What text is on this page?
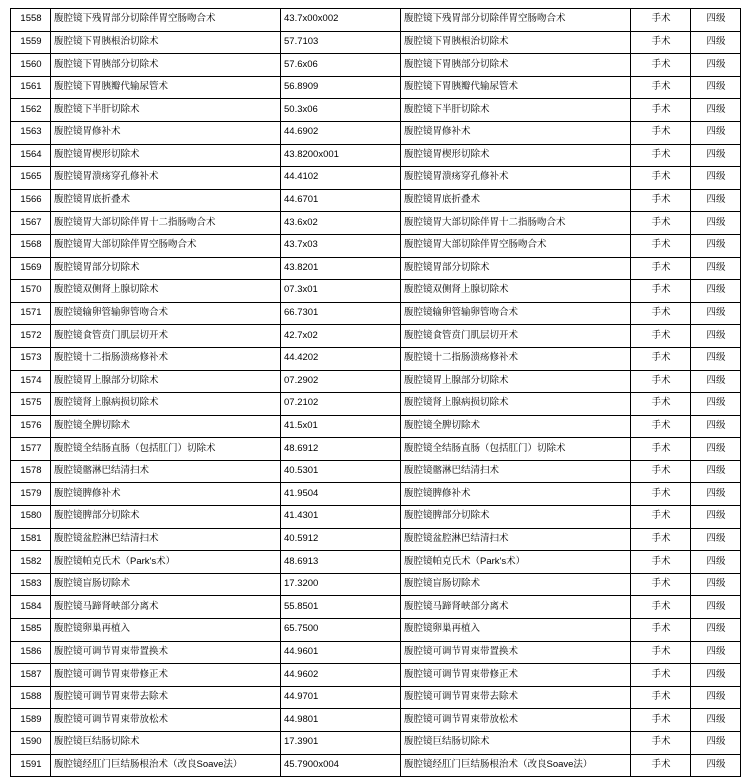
1558	腹腔镜下残胃部分切除伴胃空肠吻合术	43.7x00x002	腹腔镜下残胃部分切除伴胃空肠吻合术	手术	四级
1559	腹腔镜下胃胰根治切除术	57.7103	腹腔镜下胃胰根治切除术	手术	四级
1560	腹腔镜下胃胰部分切除术	57.6x06	腹腔镜下胃胰部分切除术	手术	四级
1561	腹腔镜下胃胰瓣代输尿管术	56.8909	腹腔镜下胃胰瓣代输尿管术	手术	四级
1562	腹腔镜下半肝切除术	50.3x06	腹腔镜下半肝切除术	手术	四级
1563	腹腔镜胃修补术	44.6902	腹腔镜胃修补术	手术	四级
1564	腹腔镜胃楔形切除术	43.8200x001	腹腔镜胃楔形切除术	手术	四级
1565	腹腔镜胃溃疡穿孔修补术	44.4102	腹腔镜胃溃疡穿孔修补术	手术	四级
1566	腹腔镜胃底折叠术	44.6701	腹腔镜胃底折叠术	手术	四级
1567	腹腔镜胃大部切除伴胃十二指肠吻合术	43.6x02	腹腔镜胃大部切除伴胃十二指肠吻合术	手术	四级
1568	腹腔镜胃大部切除伴胃空肠吻合术	43.7x03	腹腔镜胃大部切除伴胃空肠吻合术	手术	四级
1569	腹腔镜胃部分切除术	43.8201	腹腔镜胃部分切除术	手术	四级
1570	腹腔镜双侧肾上腺切除术	07.3x01	腹腔镜双侧肾上腺切除术	手术	四级
1571	腹腔镜输卵管输卵管吻合术	66.7301	腹腔镜输卵管输卵管吻合术	手术	四级
1572	腹腔镜食管贲门肌层切开术	42.7x02	腹腔镜食管贲门肌层切开术	手术	四级
1573	腹腔镜十二指肠溃疡修补术	44.4202	腹腔镜十二指肠溃疡修补术	手术	四级
1574	腹腔镜胃上腺部分切除术	07.2902	腹腔镜胃上腺部分切除术	手术	四级
1575	腹腔镜肾上腺病损切除术	07.2102	腹腔镜肾上腺病损切除术	手术	四级
1576	腹腔镜全脾切除术	41.5x01	腹腔镜全脾切除术	手术	四级
1577	腹腔镜全结肠直肠（包括肛门）切除术	48.6912	腹腔镜全结肠直肠（包括肛门）切除术	手术	四级
1578	腹腔镜髂淋巴结清扫术	40.5301	腹腔镜髂淋巴结清扫术	手术	四级
1579	腹腔镜脾修补术	41.9504	腹腔镜脾修补术	手术	四级
1580	腹腔镜脾部分切除术	41.4301	腹腔镜脾部分切除术	手术	四级
1581	腹腔镜盆腔淋巴结清扫术	40.5912	腹腔镜盆腔淋巴结清扫术	手术	四级
1582	腹腔镜帕克氏术（Park's术）	48.6913	腹腔镜帕克氏术（Park's术）	手术	四级
1583	腹腔镜盲肠切除术	17.3200	腹腔镜盲肠切除术	手术	四级
1584	腹腔镜马蹄肾峡部分离术	55.8501	腹腔镜马蹄肾峡部分离术	手术	四级
1585	腹腔镜卵巢再植入	65.7500	腹腔镜卵巢再植入	手术	四级
1586	腹腔镜可调节胃束带置换术	44.9601	腹腔镜可调节胃束带置换术	手术	四级
1587	腹腔镜可调节胃束带修正术	44.9602	腹腔镜可调节胃束带修正术	手术	四级
1588	腹腔镜可调节胃束带去除术	44.9701	腹腔镜可调节胃束带去除术	手术	四级
1589	腹腔镜可调节胃束带放松术	44.9801	腹腔镜可调节胃束带放松术	手术	四级
1590	腹腔镜巨结肠切除术	17.3901	腹腔镜巨结肠切除术	手术	四级
1591	腹腔镜经肛门巨结肠根治术（改良Soave法）	45.7900x004	腹腔镜经肛门巨结肠根治术（改良Soave法）	手术	四级
